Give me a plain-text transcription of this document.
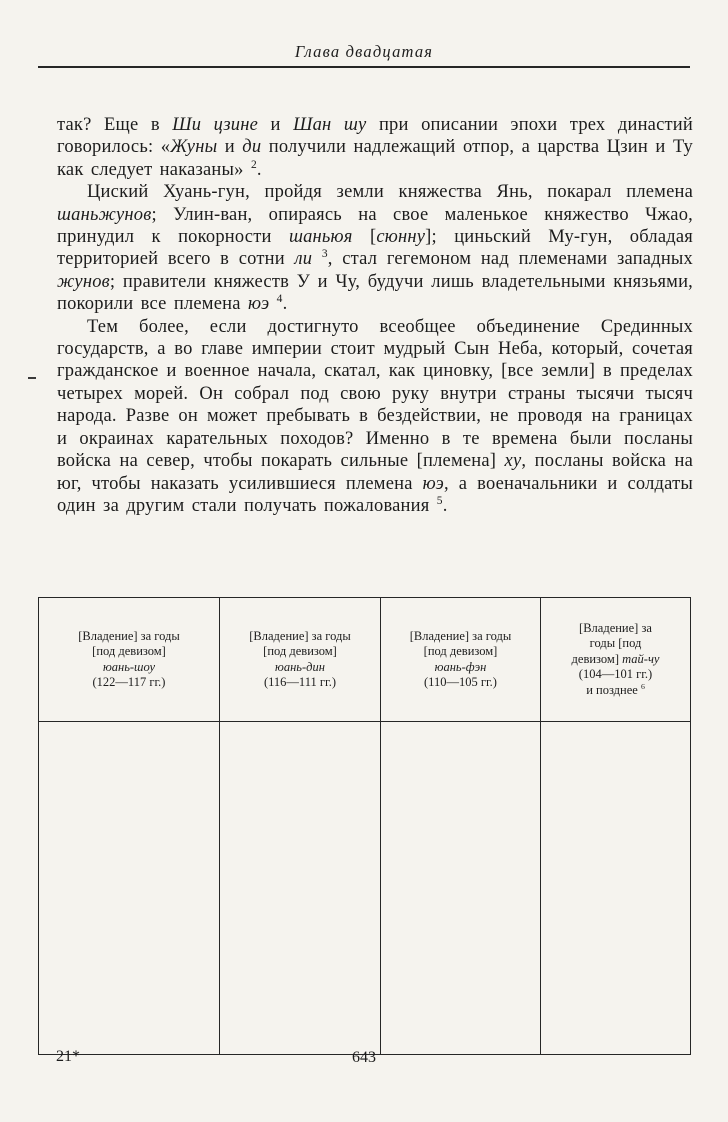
Глава двадцатая

так? Еще в Ши цзине и Шан шу при описании эпохи трех династий говорилось: «Жуны и ди получили надлежащий отпор, а царства Цзин и Ту как следует наказаны» $^2$.

Циский Хуань-гун, пройдя земли княжества Янь, покарал племена шаньжунов; Улин-ван, опираясь на свое маленькое княжество Чжао, принудил к покорности шаньюя [сюнну]; циньский Му-гун, обладая территорией всего в сотни ли $^3$, стал гегемоном над племенами западных жунов; правители княжеств У и Чу, будучи лишь владетельными князьями, покорили все племена юэ $^4$.

Тем более, если достигнуто всеобщее объединение Срединных государств, а во главе империи стоит мудрый Сын Неба, который, сочетая гражданское и военное начала, скатал, как циновку, [все земли] в пределах четырех морей. Он собрал под свою руку внутри страны тысячи тысяч народа. Разве он может пребывать в бездействии, не проводя на границах и окраинах карательных походов? Именно в те времена были посланы войска на север, чтобы покарать сильные [племена] ху, посланы войска на юг, чтобы наказать усилившиеся племена юэ, а военачальники и солдаты один за другим стали получать пожалования $^5$.

[Владение] за годы
[под девизом]
юань-шоу
(122—117 гг.)	[Владение] за годы
[под девизом]
юань-дин
(116—111 гг.)	[Владение] за годы
[под девизом]
юань-фэн
(110—105 гг.)	[Владение] за
годы [под
девизом] тай-чу
(104—101 гг.)
и позднее $^6$

21*	643
